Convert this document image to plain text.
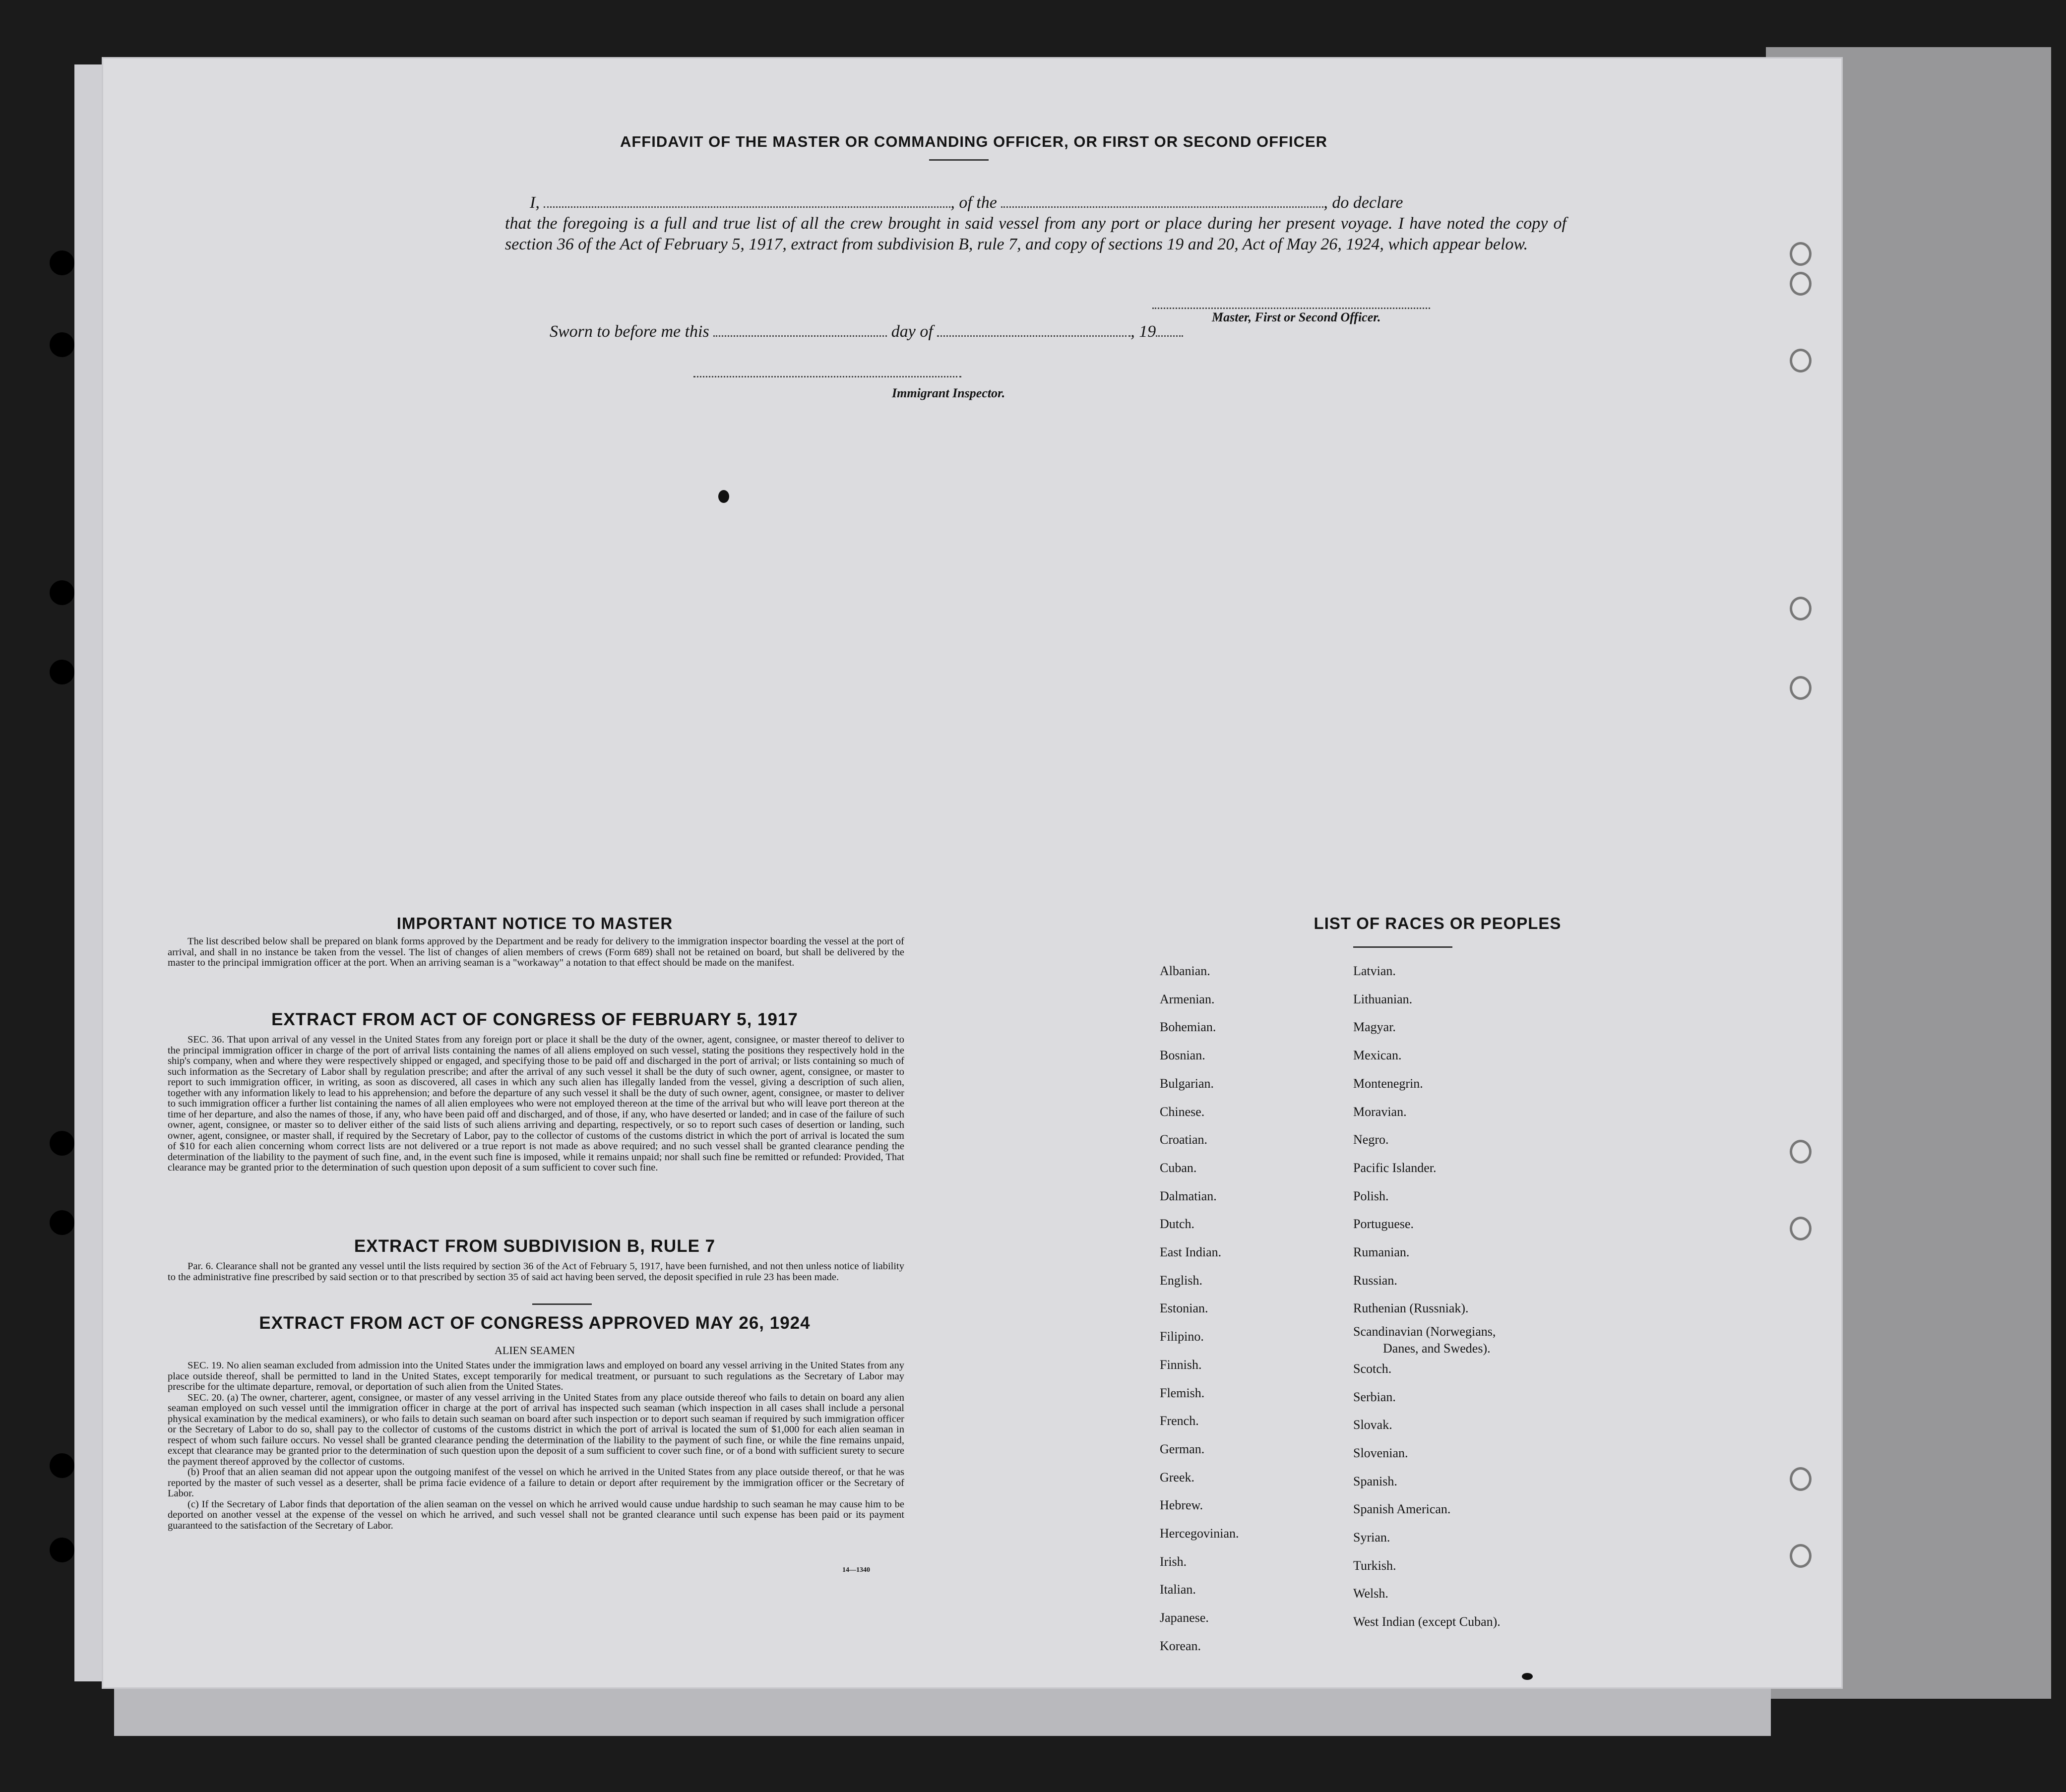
AFFIDAVIT OF THE MASTER OR COMMANDING OFFICER, OR FIRST OR SECOND OFFICER
I,	, of the	, do declare
that the foregoing is a full and true list of all the crew brought in said vessel from any port or place during her present voyage. I have noted the copy of section 36 of the Act of February 5, 1917, extract from subdivision B, rule 7, and copy of sections 19 and 20, Act of May 26, 1924, which appear below.
Master, First or Second Officer.
Sworn to before me this	day of	, 19
Immigrant Inspector.
IMPORTANT NOTICE TO MASTER

The list described below shall be prepared on blank forms approved by the Department and be ready for delivery to the immigration inspector boarding the vessel at the port of arrival, and shall in no instance be taken from the vessel. The list of changes of alien members of crews (Form 689) shall not be retained on board, but shall be delivered by the master to the principal immigration officer at the port. When an arriving seaman is a "workaway" a notation to that effect should be made on the manifest.

EXTRACT FROM ACT OF CONGRESS OF FEBRUARY 5, 1917

SEC. 36. That upon arrival of any vessel in the United States from any foreign port or place it shall be the duty of the owner, agent, consignee, or master thereof to deliver to the principal immigration officer in charge of the port of arrival lists containing the names of all aliens employed on such vessel, stating the positions they respectively hold in the ship's company, when and where they were respectively shipped or engaged, and specifying those to be paid off and discharged in the port of arrival; or lists containing so much of such information as the Secretary of Labor shall by regulation prescribe; and after the arrival of any such vessel it shall be the duty of such owner, agent, consignee, or master to report to such immigration officer, in writing, as soon as discovered, all cases in which any such alien has illegally landed from the vessel, giving a description of such alien, together with any information likely to lead to his apprehension; and before the departure of any such vessel it shall be the duty of such owner, agent, consignee, or master to deliver to such immigration officer a further list containing the names of all alien employees who were not employed thereon at the time of the arrival but who will leave port thereon at the time of her departure, and also the names of those, if any, who have been paid off and discharged, and of those, if any, who have deserted or landed; and in case of the failure of such owner, agent, consignee, or master so to deliver either of the said lists of such aliens arriving and departing, respectively, or so to report such cases of desertion or landing, such owner, agent, consignee, or master shall, if required by the Secretary of Labor, pay to the collector of customs of the customs district in which the port of arrival is located the sum of $10 for each alien concerning whom correct lists are not delivered or a true report is not made as above required; and no such vessel shall be granted clearance pending the determination of the liability to the payment of such fine, and, in the event such fine is imposed, while it remains unpaid; nor shall such fine be remitted or refunded: Provided, That clearance may be granted prior to the determination of such question upon deposit of a sum sufficient to cover such fine.

EXTRACT FROM SUBDIVISION B, RULE 7

Par. 6. Clearance shall not be granted any vessel until the lists required by section 36 of the Act of February 5, 1917, have been furnished, and not then unless notice of liability to the administrative fine prescribed by said section or to that prescribed by section 35 of said act having been served, the deposit specified in rule 23 has been made.

EXTRACT FROM ACT OF CONGRESS APPROVED MAY 26, 1924
ALIEN SEAMEN

SEC. 19. No alien seaman excluded from admission into the United States under the immigration laws and employed on board any vessel arriving in the United States from any place outside thereof, shall be permitted to land in the United States, except temporarily for medical treatment, or pursuant to such regulations as the Secretary of Labor may prescribe for the ultimate departure, removal, or deportation of such alien from the United States.

SEC. 20. (a) The owner, charterer, agent, consignee, or master of any vessel arriving in the United States from any place outside thereof who fails to detain on board any alien seaman employed on such vessel until the immigration officer in charge at the port of arrival has inspected such seaman (which inspection in all cases shall include a personal physical examination by the medical examiners), or who fails to detain such seaman on board after such inspection or to deport such seaman if required by such immigration officer or the Secretary of Labor to do so, shall pay to the collector of customs of the customs district in which the port of arrival is located the sum of $1,000 for each alien seaman in respect of whom such failure occurs. No vessel shall be granted clearance pending the determination of the liability to the payment of such fine, or while the fine remains unpaid, except that clearance may be granted prior to the determination of such question upon the deposit of a sum sufficient to cover such fine, or of a bond with sufficient surety to secure the payment thereof approved by the collector of customs.

(b) Proof that an alien seaman did not appear upon the outgoing manifest of the vessel on which he arrived in the United States from any place outside thereof, or that he was reported by the master of such vessel as a deserter, shall be prima facie evidence of a failure to detain or deport after requirement by the immigration officer or the Secretary of Labor.

(c) If the Secretary of Labor finds that deportation of the alien seaman on the vessel on which he arrived would cause undue hardship to such seaman he may cause him to be deported on another vessel at the expense of the vessel on which he arrived, and such vessel shall not be granted clearance until such expense has been paid or its payment guaranteed to the satisfaction of the Secretary of Labor.

14—1340
LIST OF RACES OR PEOPLES
Albanian.
Armenian.
Bohemian.
Bosnian.
Bulgarian.
Chinese.
Croatian.
Cuban.
Dalmatian.
Dutch.
East Indian.
English.
Estonian.
Filipino.
Finnish.
Flemish.
French.
German.
Greek.
Hebrew.
Hercegovinian.
Irish.
Italian.
Japanese.
Korean.
Latvian.
Lithuanian.
Magyar.
Mexican.
Montenegrin.
Moravian.
Negro.
Pacific Islander.
Polish.
Portuguese.
Rumanian.
Russian.
Ruthenian (Russniak).
Scandinavian (Norwegians,
Danes, and Swedes).
Scotch.
Serbian.
Slovak.
Slovenian.
Spanish.
Spanish American.
Syrian.
Turkish.
Welsh.
West Indian (except Cuban).
